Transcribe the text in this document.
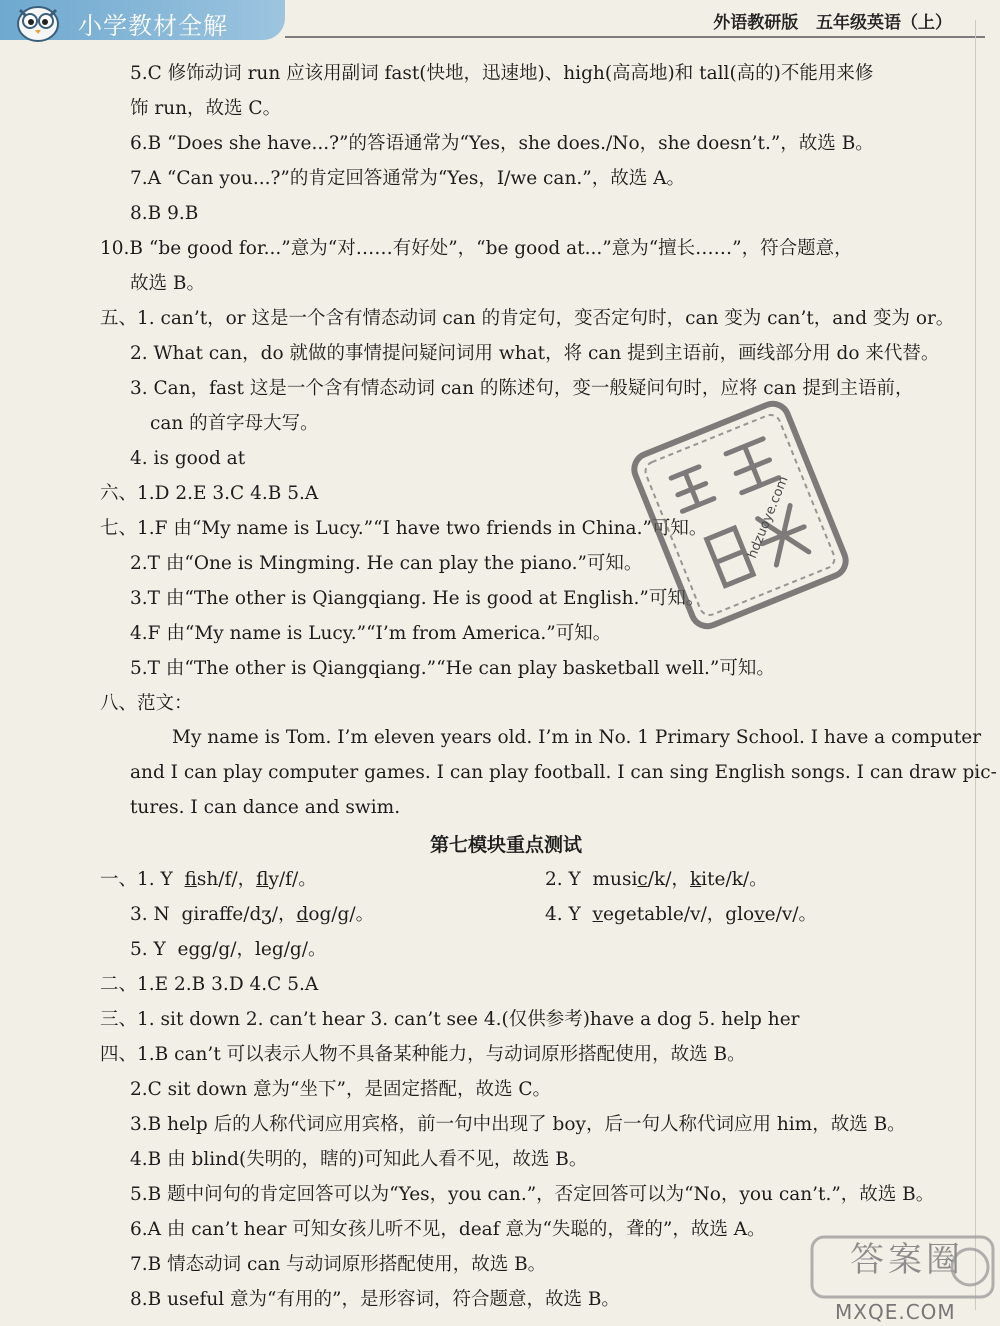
小学教材全解	外语教研版   五年级英语（上）
5.C 修饰动词 run 应该用副词 fast(快地，迅速地)、high(高高地)和 tall(高的)不能用来修
饰 run，故选 C。
6.B “Does she have...?”的答语通常为“Yes，she does./No，she doesn’t.”，故选 B。
7.A “Can you...?”的肯定回答通常为“Yes，I/we can.”，故选 A。
8.B 9.B
10.B “be good for...”意为“对……有好处”，“be good at...”意为“擅长……”，符合题意，
故选 B。
五、1. can’t，or 这是一个含有情态动词 can 的肯定句，变否定句时，can 变为 can’t，and 变为 or。
2. What can，do 就做的事情提问疑问词用 what，将 can 提到主语前，画线部分用 do 来代替。
3. Can，fast 这是一个含有情态动词 can 的陈述句，变一般疑问句时，应将 can 提到主语前，
can 的首字母大写。
4. is good at
六、1.D 2.E 3.C 4.B 5.A
七、1.F 由“My name is Lucy.”“I have two friends in China.”可知。
2.T 由“One is Mingming. He can play the piano.”可知。
3.T 由“The other is Qiangqiang. He is good at English.”可知。
4.F 由“My name is Lucy.”“I’m from America.”可知。
5.T 由“The other is Qiangqiang.”“He can play basketball well.”可知。
八、范文：
My name is Tom. I’m eleven years old. I’m in No. 1 Primary School. I have a computer
and I can play computer games. I can play football. I can sing English songs. I can draw pic-
tures. I can dance and swim.
第七模块重点测试
一、1. Y  fish/f/，fly/f/。	2. Y  music/k/，kite/k/。
3. N  giraffe/dʒ/，dog/g/。	4. Y  vegetable/v/，glove/v/。
5. Y  egg/g/，leg/g/。
二、1.E 2.B 3.D 4.C 5.A
三、1. sit down 2. can’t hear 3. can’t see 4.(仅供参考)have a dog 5. help her
四、1.B can’t 可以表示人物不具备某种能力，与动词原形搭配使用，故选 B。
2.C sit down 意为“坐下”，是固定搭配，故选 C。
3.B help 后的人称代词应用宾格，前一句中出现了 boy，后一句人称代词应用 him，故选 B。
4.B 由 blind(失明的，瞎的)可知此人看不见，故选 B。
5.B 题中问句的肯定回答可以为“Yes，you can.”，否定回答可以为“No，you can’t.”，故选 B。
6.A 由 can’t hear 可知女孩儿听不见，deaf 意为“失聪的，聋的”，故选 A。
7.B 情态动词 can 与动词原形搭配使用，故选 B。
8.B useful 意为“有用的”，是形容词，符合题意，故选 B。
hdzuoye.com
答案圈
MXQE.COM
